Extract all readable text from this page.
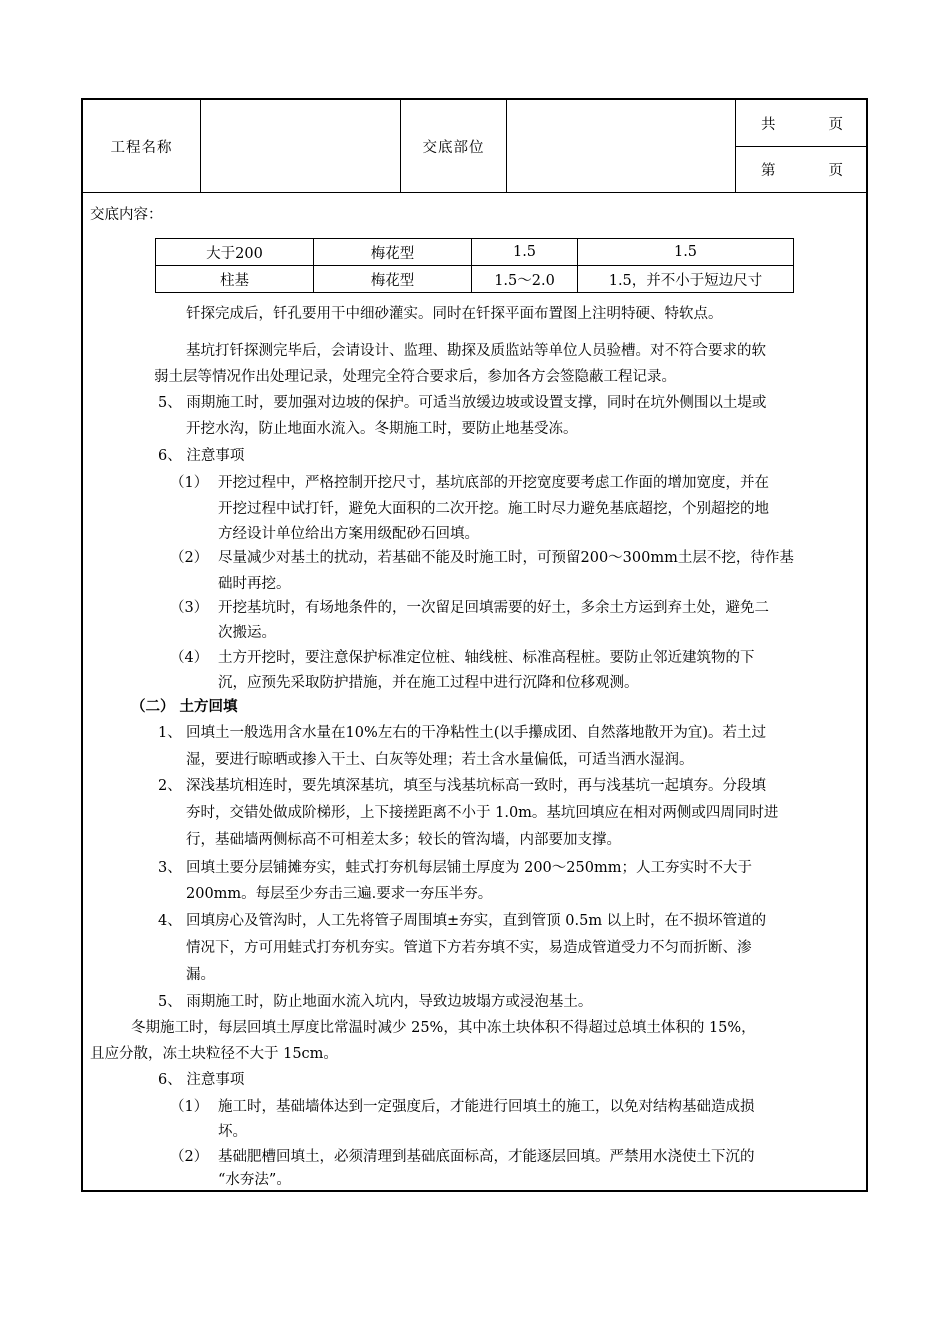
工程名称	交底部位
共	页
第	页
交底内容：
大于200	梅花型	1.5	1.5
柱基	梅花型	1.5～2.0	1.5，并不小于短边尺寸
钎探完成后，钎孔要用干中细砂灌实。同时在钎探平面布置图上注明特硬、特软点。
基坑打钎探测完毕后，会请设计、监理、勘探及质监站等单位人员验槽。对不符合要求的软
弱土层等情况作出处理记录，处理完全符合要求后，参加各方会签隐蔽工程记录。
5、 雨期施工时，要加强对边坡的保护。可适当放缓边坡或设置支撑，同时在坑外侧围以土堤或
开挖水沟，防止地面水流入。冬期施工时，要防止地基受冻。
6、 注意事项
（1） 开挖过程中，严格控制开挖尺寸，基坑底部的开挖宽度要考虑工作面的增加宽度，并在
开挖过程中试打钎，避免大面积的二次开挖。施工时尽力避免基底超挖，个别超挖的地
方经设计单位给出方案用级配砂石回填。
（2） 尽量减少对基土的扰动，若基础不能及时施工时，可预留200～300mm土层不挖，待作基
础时再挖。
（3） 开挖基坑时，有场地条件的，一次留足回填需要的好土，多余土方运到弃土处，避免二
次搬运。
（4） 土方开挖时，要注意保护标准定位桩、轴线桩、标准高程桩。要防止邻近建筑物的下
沉，应预先采取防护措施，并在施工过程中进行沉降和位移观测。
（二） 土方回填
1、 回填土一般选用含水量在10%左右的干净粘性土(以手攥成团、自然落地散开为宜)。若土过
湿，要进行晾晒或掺入干土、白灰等处理；若土含水量偏低，可适当洒水湿润。
2、 深浅基坑相连时，要先填深基坑，填至与浅基坑标高一致时，再与浅基坑一起填夯。分段填
夯时，交错处做成阶梯形，上下接搓距离不小于 1.0m。基坑回填应在相对两侧或四周同时进
行，基础墙两侧标高不可相差太多；较长的管沟墙，内部要加支撑。
3、 回填土要分层铺摊夯实，蛙式打夯机每层铺土厚度为 200～250mm；人工夯实时不大于
200mm。每层至少夯击三遍.要求一夯压半夯。
4、 回填房心及管沟时，人工先将管子周围填±夯实，直到管顶 0.5m 以上时，在不损坏管道的
情况下，方可用蛙式打夯机夯实。管道下方若夯填不实，易造成管道受力不匀而折断、渗
漏。
5、 雨期施工时，防止地面水流入坑内，导致边坡塌方或浸泡基土。
冬期施工时，每层回填土厚度比常温时减少 25%，其中冻土块体积不得超过总填土体积的 15%，
且应分散，冻土块粒径不大于 15cm。
6、 注意事项
（1） 施工时，基础墙体达到一定强度后，才能进行回填土的施工，以免对结构基础造成损
坏。
（2） 基础肥槽回填土，必须清理到基础底面标高，才能逐层回填。严禁用水浇使土下沉的
“水夯法”。
